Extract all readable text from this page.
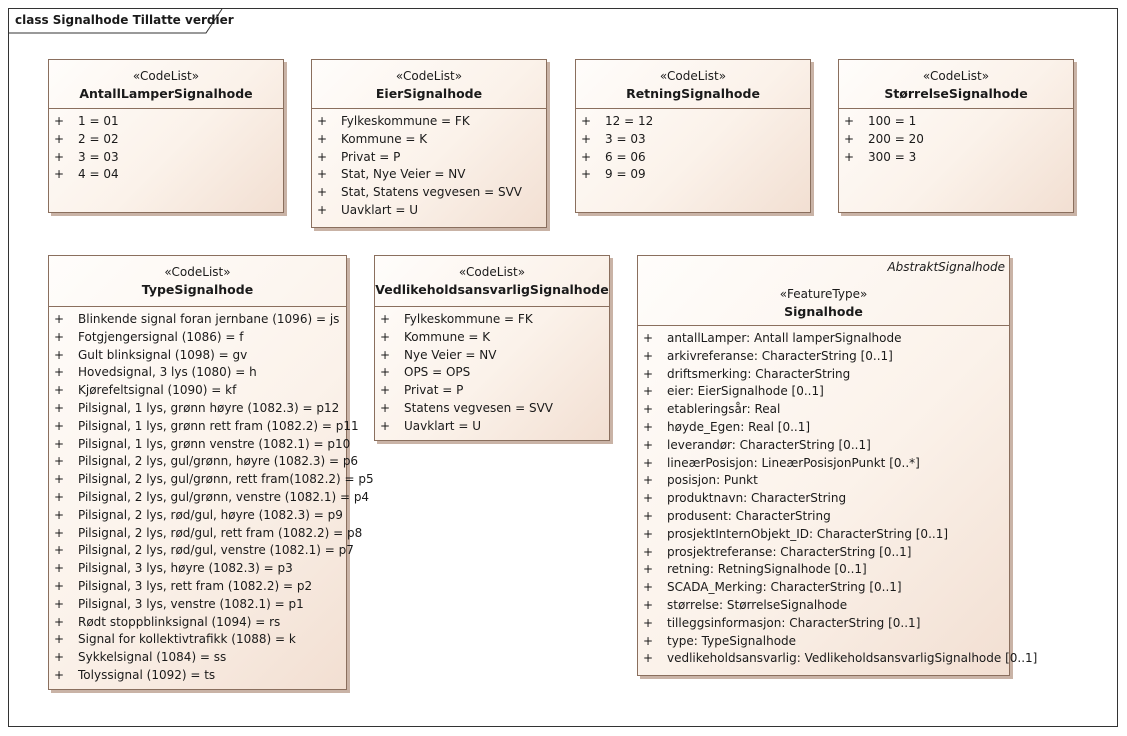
class Signalhode Tillatte verdier
«CodeList»
AntallLamperSignalhode
+ 1 = 01
+ 2 = 02
+ 3 = 03
+ 4 = 04
«CodeList»
EierSignalhode
+ Fylkeskommune = FK
+ Kommune = K
+ Privat = P
+ Stat, Nye Veier = NV
+ Stat, Statens vegvesen = SVV
+ Uavklart = U
«CodeList»
RetningSignalhode
+ 12 = 12
+ 3 = 03
+ 6 = 06
+ 9 = 09
«CodeList»
StørrelseSignalhode
+ 100 = 1
+ 200 = 20
+ 300 = 3
«CodeList»
TypeSignalhode
+ Blinkende signal foran jernbane (1096) = js
+ Fotgjengersignal (1086) = f
+ Gult blinksignal (1098) = gv
+ Hovedsignal, 3 lys (1080) = h
+ Kjørefeltsignal (1090) = kf
+ Pilsignal, 1 lys, grønn høyre (1082.3) = p12
+ Pilsignal, 1 lys, grønn rett fram (1082.2) = p11
+ Pilsignal, 1 lys, grønn venstre (1082.1) = p10
+ Pilsignal, 2 lys, gul/grønn, høyre (1082.3) = p6
+ Pilsignal, 2 lys, gul/grønn, rett fram(1082.2) = p5
+ Pilsignal, 2 lys, gul/grønn, venstre (1082.1) = p4
+ Pilsignal, 2 lys, rød/gul, høyre (1082.3) = p9
+ Pilsignal, 2 lys, rød/gul, rett fram (1082.2) = p8
+ Pilsignal, 2 lys, rød/gul, venstre (1082.1) = p7
+ Pilsignal, 3 lys, høyre (1082.3) = p3
+ Pilsignal, 3 lys, rett fram (1082.2) = p2
+ Pilsignal, 3 lys, venstre (1082.1) = p1
+ Rødt stoppblinksignal (1094) = rs
+ Signal for kollektivtrafikk (1088) = k
+ Sykkelsignal (1084) = ss
+ Tolyssignal (1092) = ts
«CodeList»
VedlikeholdsansvarligSignalhode
+ Fylkeskommune = FK
+ Kommune = K
+ Nye Veier = NV
+ OPS = OPS
+ Privat = P
+ Statens vegvesen = SVV
+ Uavklart = U
AbstraktSignalhode
«FeatureType»
Signalhode
+ antallLamper: Antall lamperSignalhode
+ arkivreferanse: CharacterString [0..1]
+ driftsmerking: CharacterString
+ eier: EierSignalhode [0..1]
+ etableringsår: Real
+ høyde_Egen: Real [0..1]
+ leverandør: CharacterString [0..1]
+ lineærPosisjon: LineærPosisjonPunkt [0..*]
+ posisjon: Punkt
+ produktnavn: CharacterString
+ produsent: CharacterString
+ prosjektInternObjekt_ID: CharacterString [0..1]
+ prosjektreferanse: CharacterString [0..1]
+ retning: RetningSignalhode [0..1]
+ SCADA_Merking: CharacterString [0..1]
+ størrelse: StørrelseSignalhode
+ tilleggsinformasjon: CharacterString [0..1]
+ type: TypeSignalhode
+ vedlikeholdsansvarlig: VedlikeholdsansvarligSignalhode [0..1]
